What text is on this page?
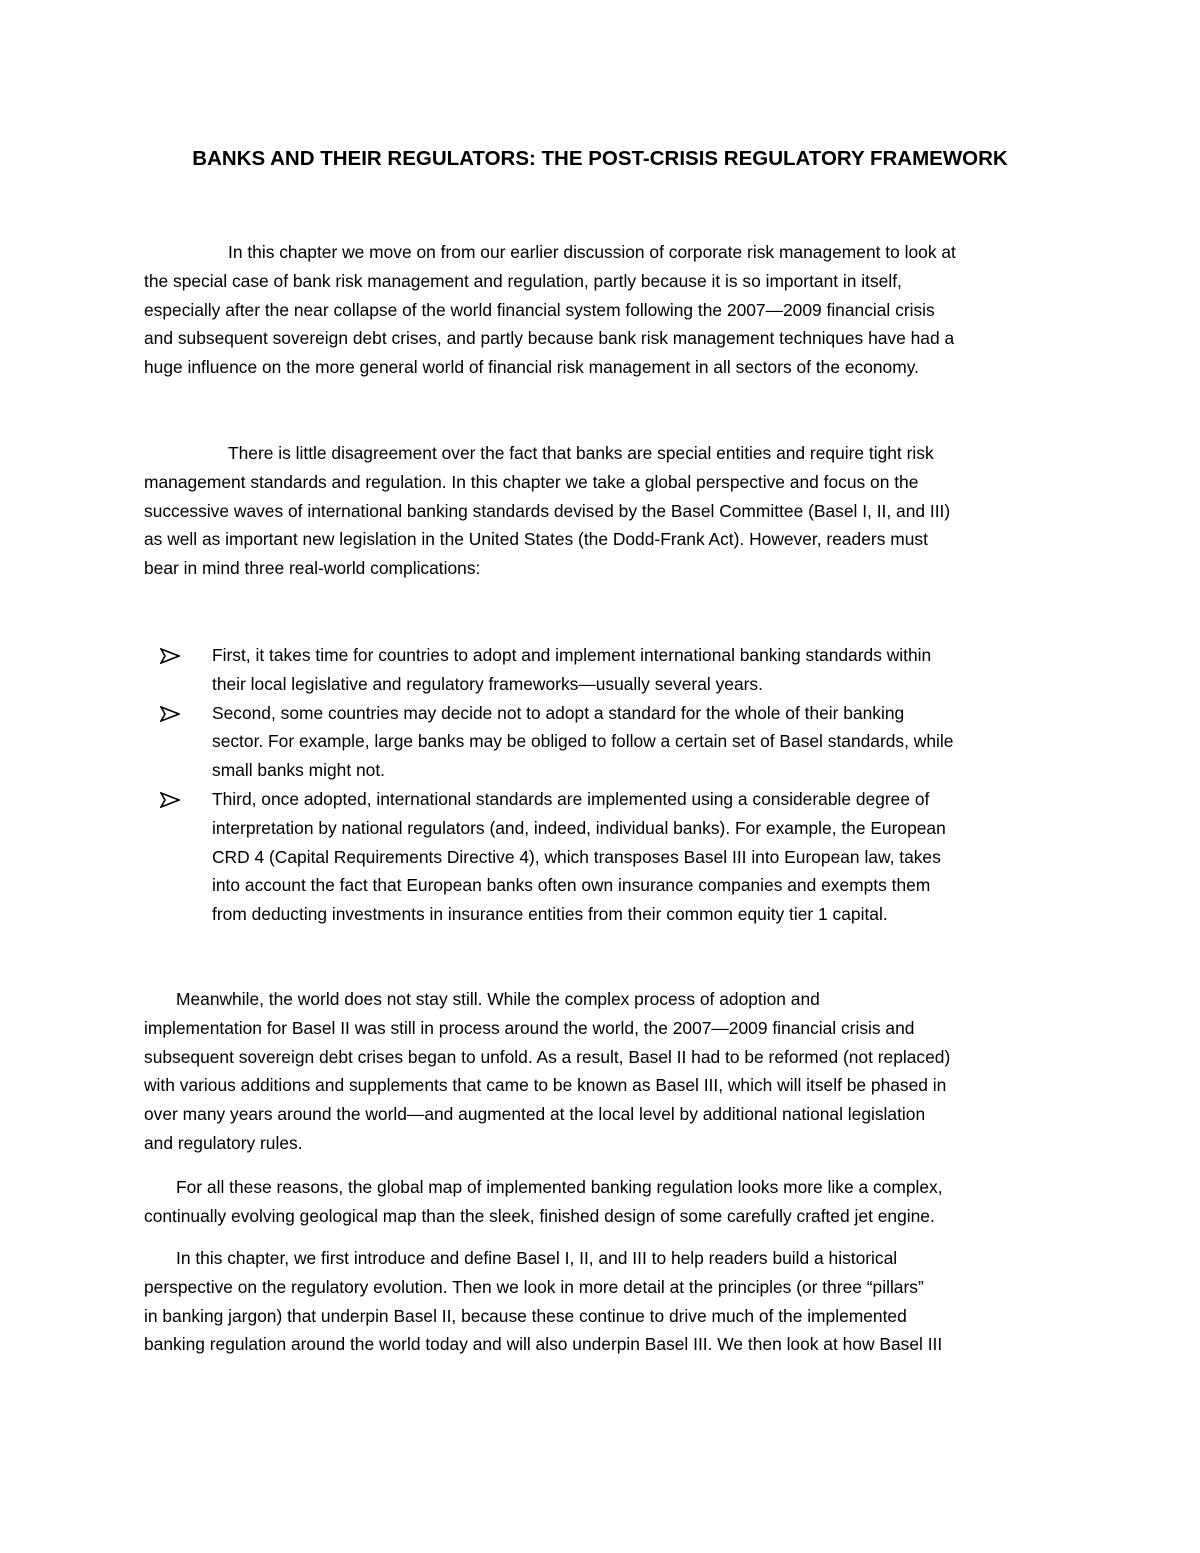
BANKS AND THEIR REGULATORS: THE POST-CRISIS REGULATORY FRAMEWORK
In this chapter we move on from our earlier discussion of corporate risk management to look at
the special case of bank risk management and regulation, partly because it is so important in itself,
especially after the near collapse of the world financial system following the 2007—2009 financial crisis
and subsequent sovereign debt crises, and partly because bank risk management techniques have had a
huge influence on the more general world of financial risk management in all sectors of the economy.
There is little disagreement over the fact that banks are special entities and require tight risk
management standards and regulation. In this chapter we take a global perspective and focus on the
successive waves of international banking standards devised by the Basel Committee (Basel I, II, and III)
as well as important new legislation in the United States (the Dodd-Frank Act). However, readers must
bear in mind three real-world complications:
First, it takes time for countries to adopt and implement international banking standards within
their local legislative and regulatory frameworks—usually several years.
Second, some countries may decide not to adopt a standard for the whole of their banking
sector. For example, large banks may be obliged to follow a certain set of Basel standards, while
small banks might not.
Third, once adopted, international standards are implemented using a considerable degree of
interpretation by national regulators (and, indeed, individual banks). For example, the European
CRD 4 (Capital Requirements Directive 4), which transposes Basel III into European law, takes
into account the fact that European banks often own insurance companies and exempts them
from deducting investments in insurance entities from their common equity tier 1 capital.
Meanwhile, the world does not stay still. While the complex process of adoption and
implementation for Basel II was still in process around the world, the 2007—2009 financial crisis and
subsequent sovereign debt crises began to unfold. As a result, Basel II had to be reformed (not replaced)
with various additions and supplements that came to be known as Basel III, which will itself be phased in
over many years around the world—and augmented at the local level by additional national legislation
and regulatory rules.
For all these reasons, the global map of implemented banking regulation looks more like a complex,
continually evolving geological map than the sleek, finished design of some carefully crafted jet engine.
In this chapter, we first introduce and define Basel I, II, and III to help readers build a historical
perspective on the regulatory evolution. Then we look in more detail at the principles (or three “pillars”
in banking jargon) that underpin Basel II, because these continue to drive much of the implemented
banking regulation around the world today and will also underpin Basel III. We then look at how Basel III
